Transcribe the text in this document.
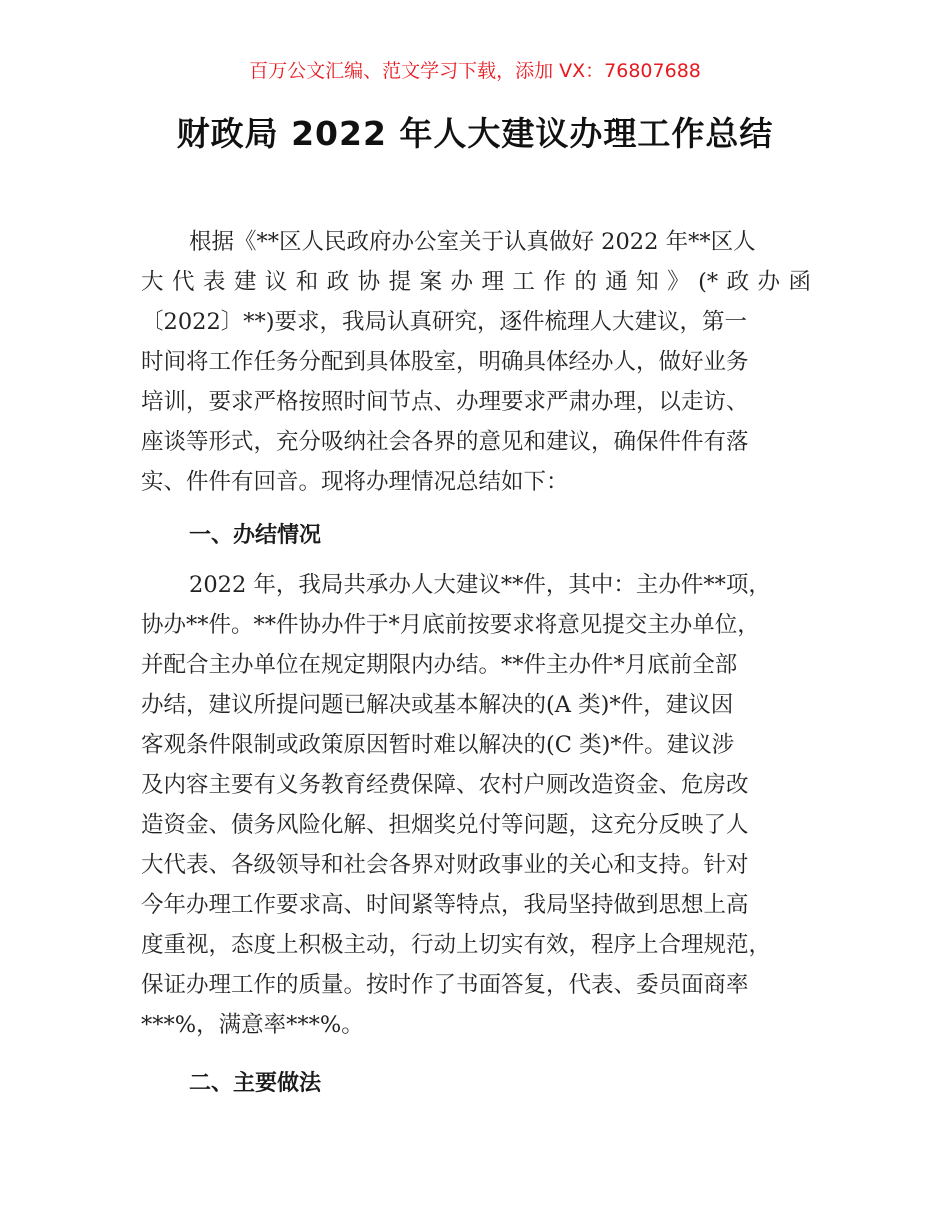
百万公文汇编、范文学习下载，添加 VX：76807688
财政局 2022 年人大建议办理工作总结
根据《**区人民政府办公室关于认真做好 2022 年**区人
大代表建议和政协提案办理工作的通知》(*政办函
〔2022〕**)要求，我局认真研究，逐件梳理人大建议，第一
时间将工作任务分配到具体股室，明确具体经办人，做好业务
培训，要求严格按照时间节点、办理要求严肃办理，以走访、
座谈等形式，充分吸纳社会各界的意见和建议，确保件件有落
实、件件有回音。现将办理情况总结如下：
一、办结情况
2022 年，我局共承办人大建议**件，其中：主办件**项，
协办**件。**件协办件于*月底前按要求将意见提交主办单位，
并配合主办单位在规定期限内办结。**件主办件*月底前全部
办结，建议所提问题已解决或基本解决的(A 类)*件，建议因
客观条件限制或政策原因暂时难以解决的(C 类)*件。建议涉
及内容主要有义务教育经费保障、农村户厕改造资金、危房改
造资金、债务风险化解、担烟奖兑付等问题，这充分反映了人
大代表、各级领导和社会各界对财政事业的关心和支持。针对
今年办理工作要求高、时间紧等特点，我局坚持做到思想上高
度重视，态度上积极主动，行动上切实有效，程序上合理规范，
保证办理工作的质量。按时作了书面答复，代表、委员面商率
***%，满意率***%。
二、主要做法
